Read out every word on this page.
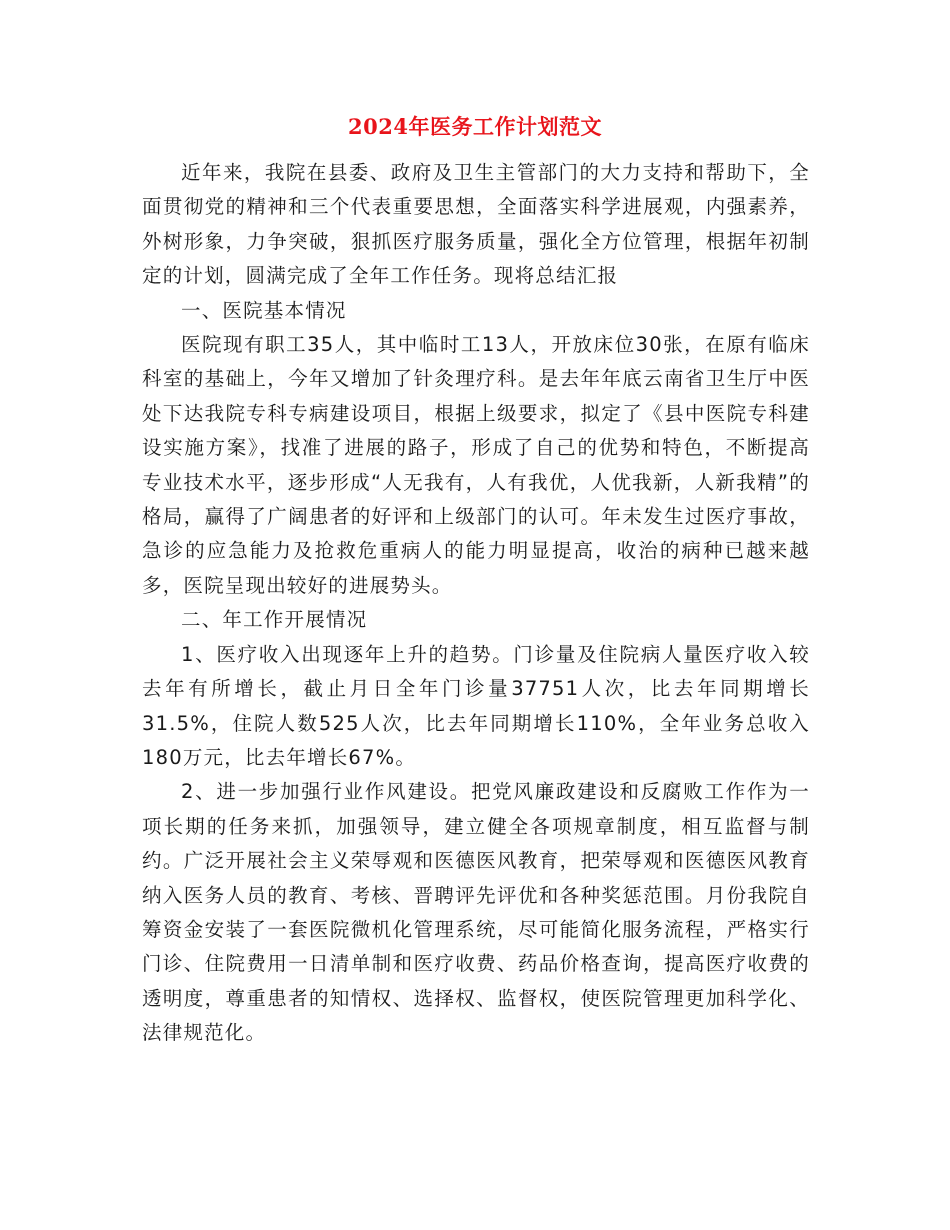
2024年医务工作计划范文

近年来，我院在县委、政府及卫生主管部门的大力支持和帮助下，全面贯彻党的精神和三个代表重要思想，全面落实科学进展观，内强素养，外树形象，力争突破，狠抓医疗服务质量，强化全方位管理，根据年初制定的计划，圆满完成了全年工作任务。现将总结汇报

一、医院基本情况

医院现有职工35人，其中临时工13人，开放床位30张，在原有临床科室的基础上，今年又增加了针灸理疗科。是去年年底云南省卫生厅中医处下达我院专科专病建设项目，根据上级要求，拟定了《县中医院专科建设实施方案》，找准了进展的路子，形成了自己的优势和特色，不断提高专业技术水平，逐步形成“人无我有，人有我优，人优我新，人新我精”的格局，赢得了广阔患者的好评和上级部门的认可。年未发生过医疗事故，急诊的应急能力及抢救危重病人的能力明显提高，收治的病种已越来越多，医院呈现出较好的进展势头。

二、年工作开展情况

1、医疗收入出现逐年上升的趋势。门诊量及住院病人量医疗收入较去年有所增长，截止月日全年门诊量37751人次，比去年同期增长31.5%，住院人数525人次，比去年同期增长110%，全年业务总收入180万元，比去年增长67%。

2、进一步加强行业作风建设。把党风廉政建设和反腐败工作作为一项长期的任务来抓，加强领导，建立健全各项规章制度，相互监督与制约。广泛开展社会主义荣辱观和医德医风教育，把荣辱观和医德医风教育纳入医务人员的教育、考核、晋聘评先评优和各种奖惩范围。月份我院自筹资金安装了一套医院微机化管理系统，尽可能简化服务流程，严格实行门诊、住院费用一日清单制和医疗收费、药品价格查询，提高医疗收费的透明度，尊重患者的知情权、选择权、监督权，使医院管理更加科学化、法律规范化。
